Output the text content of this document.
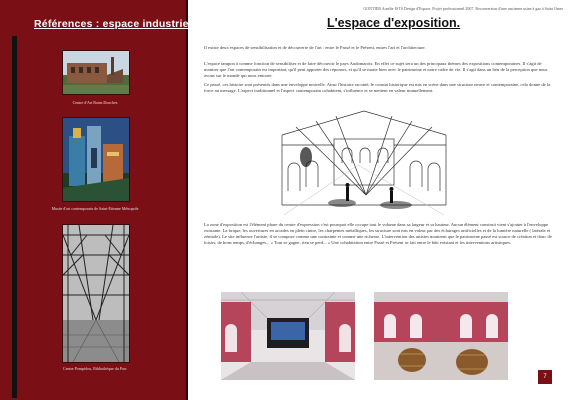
Références : espace industriel.
Centre d'Art Bains Douches
Musée d'art contemporain de Saint-Etienne Métropole
Centre Pompidou, Bibliothèque du Parc
GONTIER Aurélie ISTS Design d'Espace. Projet professionnel 2007. Reconversion d'une ancienne usine à gaz à Saint Omer
L'espace d'exposition.
Il existe deux espaces de sensibilisation et de découverte de l'art : entre le Passé et le Présent, entres l'art et l'architecture.
L'espace tampon à comme fonction de sensibiliser et de faire découvrir le pays Audomarois. En effet ce sujet sera un des principaux thèmes des expositions contemporaines. Il s'agit de montrer que l'art contemporain est important, qu'il peut apporter des réponses, et qu'il se marie bien avec le patrimoine et notre cadre de vie. Il s'agit dans un lieu de la perception que nous avons sur le monde qui nous entoure.
Ce passé, ces histoire sont présentés dans une enveloppe nouvelle. Ainsi l'histoire raconté, le constat historique est mis en scène dans une structure neuve et contemporaine, cela donne de la force au message. L'aspect traditionnel et l'aspect contemporain cohabitent, s'influence et se mettent en valeur mutuellement.
La zone d'exposition est l'élément phare du centre d'expression c'est pourquoi elle occupe tout le volume dans sa largeur et sa hauteur. Aucun élément construit vient s'ajouter à l'enveloppe existante. La brique, les ouvertures en arcades en plein cintre, les charpentes métalliques, les structure sont mis en valeur par des éclairages artificielles et de la lumière naturelle ( latérale et zénitale). Le site influence l'artiste, il se compose comme une contrainte et comme une richesse. L'intervention des artistes montrent que le patrimoine passé est source de création et donc de loisirs, de bons temps, d'échanges... « Tout se gagne, rien se perd... » Une cohabitation entre Passé et Présent se fait entre le bâti existant et les interventions artistiques.
7
